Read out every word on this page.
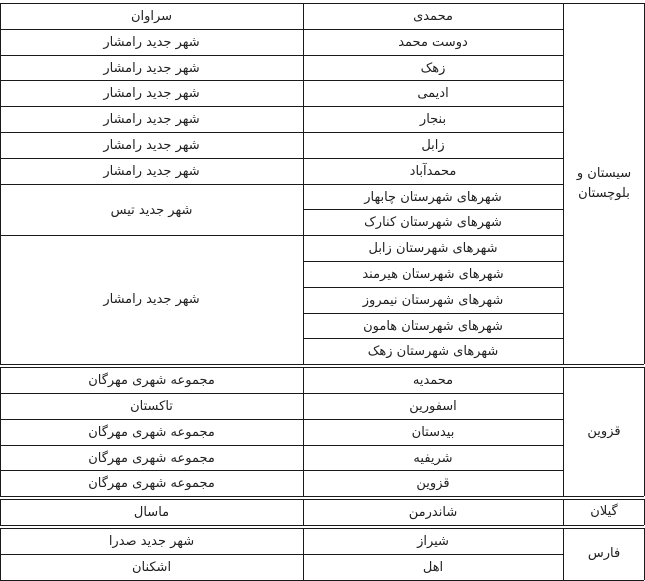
محمدی
سراوان
دوست محمد
شهر جدید رامشار
زهک
شهر جدید رامشار
ادیمی
شهر جدید رامشار
بنجار
شهر جدید رامشار
زابل
شهر جدید رامشار
محمدآباد
شهر جدید رامشار
شهرهای شهرستان چابهار
شهرهای شهرستان کنارک
شهر جدید تیس
شهرهای شهرستان زابل
شهرهای شهرستان هیرمند
شهرهای شهرستان نیمروز
شهرهای شهرستان هامون
شهرهای شهرستان زهک
شهر جدید رامشار
سیستان و بلوچستان
محمدیه
مجموعه شهری مهرگان
اسفورین
تاکستان
بیدستان
مجموعه شهری مهرگان
شریفیه
مجموعه شهری مهرگان
قزوین
مجموعه شهری مهرگان
قزوین
شاندرمن
ماسال	گیلان
شیراز
شهر جدید صدرا
اهل
اشکنان
فارس
